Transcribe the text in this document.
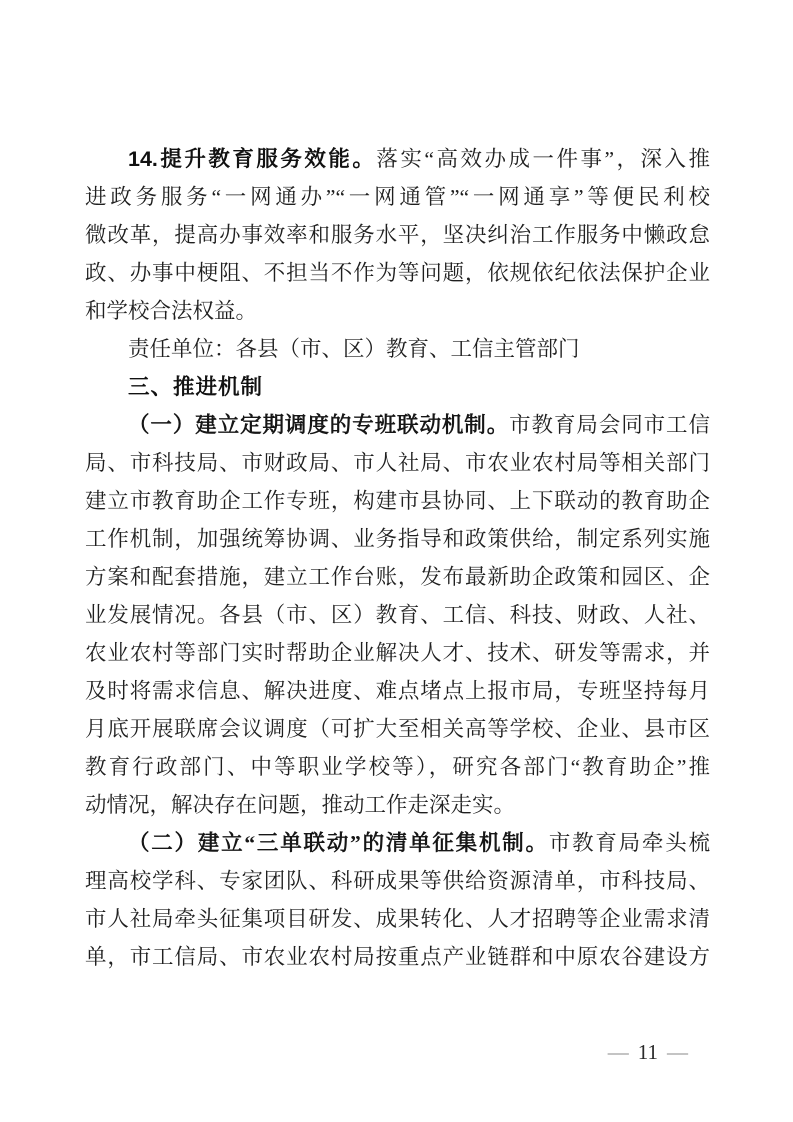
14.提升教育服务效能。落实“高效办成一件事”，深入推
进政务服务“一网通办”“一网通管”“一网通享”等便民利校
微改革，提高办事效率和服务水平，坚决纠治工作服务中懒政怠
政、办事中梗阻、不担当不作为等问题，依规依纪依法保护企业
和学校合法权益。
责任单位：各县（市、区）教育、工信主管部门
三、推进机制
（一）建立定期调度的专班联动机制。市教育局会同市工信
局、市科技局、市财政局、市人社局、市农业农村局等相关部门
建立市教育助企工作专班，构建市县协同、上下联动的教育助企
工作机制，加强统筹协调、业务指导和政策供给，制定系列实施
方案和配套措施，建立工作台账，发布最新助企政策和园区、企
业发展情况。各县（市、区）教育、工信、科技、财政、人社、
农业农村等部门实时帮助企业解决人才、技术、研发等需求，并
及时将需求信息、解决进度、难点堵点上报市局，专班坚持每月
月底开展联席会议调度（可扩大至相关高等学校、企业、县市区
教育行政部门、中等职业学校等），研究各部门“教育助企”推
动情况，解决存在问题，推动工作走深走实。
（二）建立“三单联动”的清单征集机制。市教育局牵头梳
理高校学科、专家团队、科研成果等供给资源清单，市科技局、
市人社局牵头征集项目研发、成果转化、人才招聘等企业需求清
单，市工信局、市农业农村局按重点产业链群和中原农谷建设方
— 11 —
